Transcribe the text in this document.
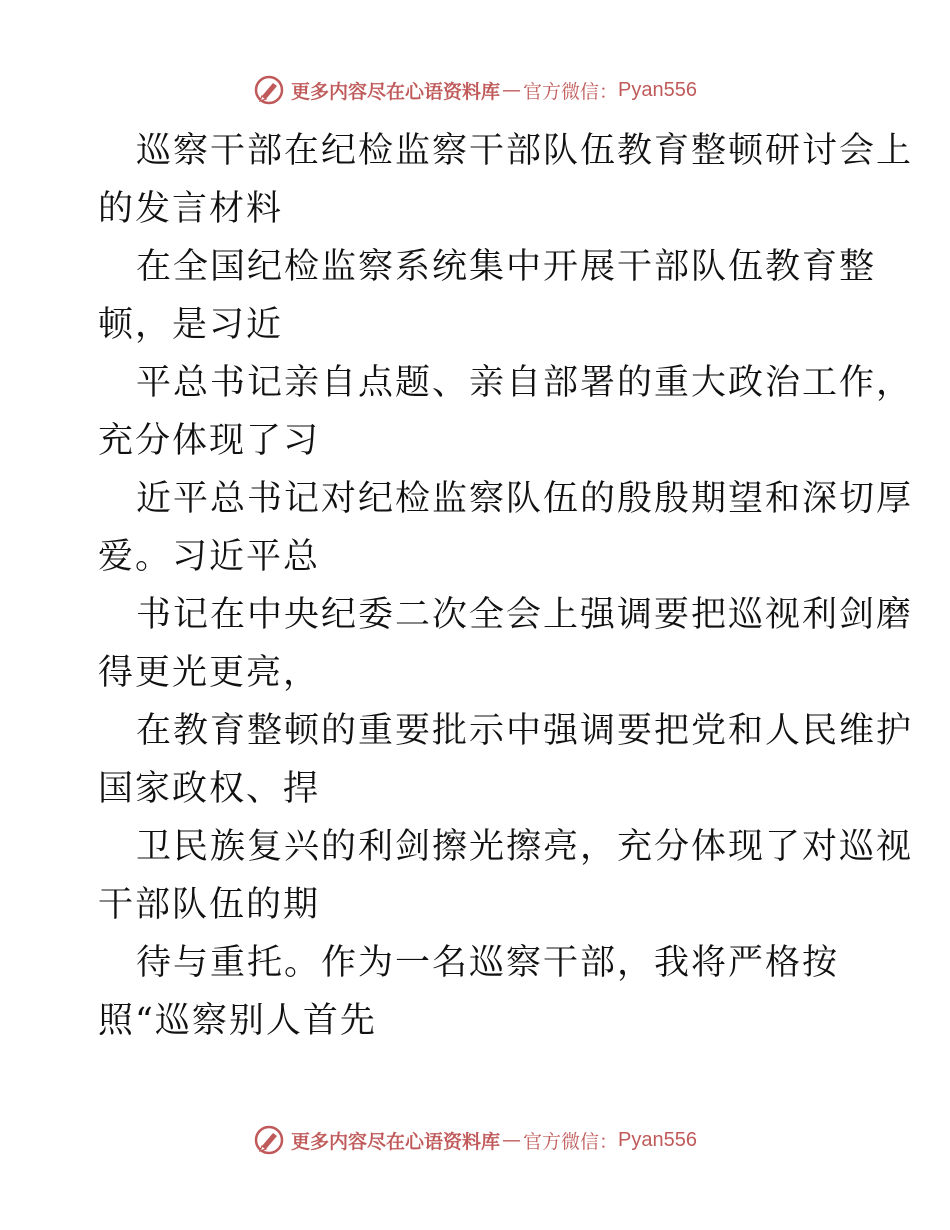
更多内容尽在心语资料库 — 官方微信： Pyan556
巡察干部在纪检监察干部队伍教育整顿研讨会上
的发言材料
在全国纪检监察系统集中开展干部队伍教育整
顿，是习近
平总书记亲自点题、亲自部署的重大政治工作，
充分体现了习
近平总书记对纪检监察队伍的殷殷期望和深切厚
爱。习近平总
书记在中央纪委二次全会上强调要把巡视利剑磨
得更光更亮，
在教育整顿的重要批示中强调要把党和人民维护
国家政权、捍
卫民族复兴的利剑擦光擦亮，充分体现了对巡视
干部队伍的期
待与重托。作为一名巡察干部，我将严格按
照“巡察别人首先
更多内容尽在心语资料库 — 官方微信： Pyan556
